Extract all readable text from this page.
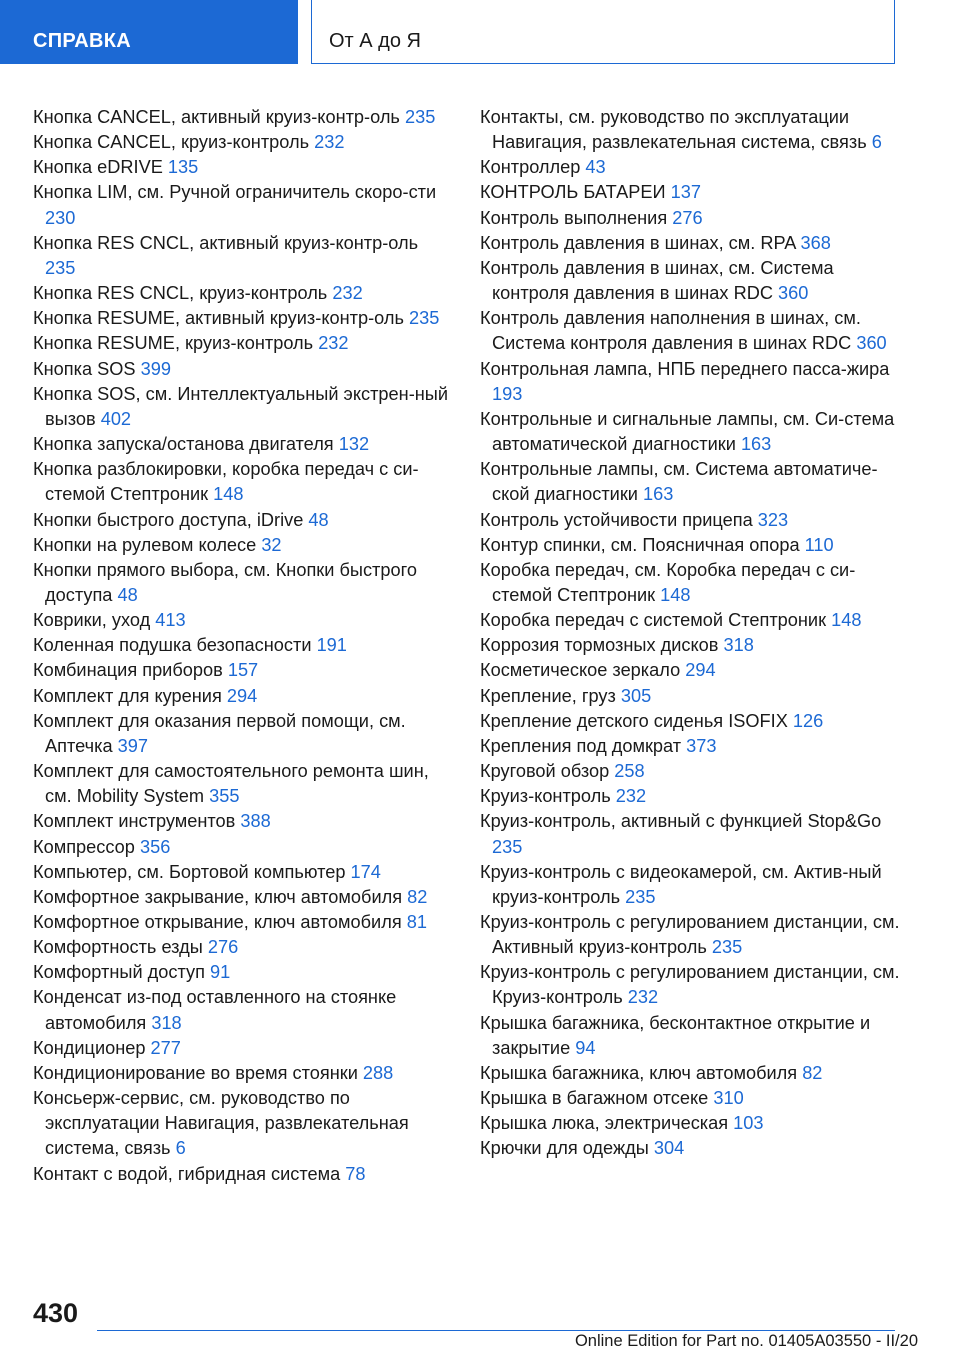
СПРАВКА	От А до Я
Кнопка CANCEL, активный круиз-контр-оль 235
Кнопка CANCEL, круиз-контроль 232
Кнопка eDRIVE 135
Кнопка LIM, см. Ручной ограничитель скоро-сти 230
Кнопка RES CNCL, активный круиз-контр-оль 235
Кнопка RES CNCL, круиз-контроль 232
Кнопка RESUME, активный круиз-контр-оль 235
Кнопка RESUME, круиз-контроль 232
Кнопка SOS 399
Кнопка SOS, см. Интеллектуальный экстрен-ный вызов 402
Кнопка запуска/останова двигателя 132
Кнопка разблокировки, коробка передач с си-стемой Стептроник 148
Кнопки быстрого доступа, iDrive 48
Кнопки на рулевом колесе 32
Кнопки прямого выбора, см. Кнопки быстрого доступа 48
Коврики, уход 413
Коленная подушка безопасности 191
Комбинация приборов 157
Комплект для курения 294
Комплект для оказания первой помощи, см. Аптечка 397
Комплект для самостоятельного ремонта шин, см. Mobility System 355
Комплект инструментов 388
Компрессор 356
Компьютер, см. Бортовой компьютер 174
Комфортное закрывание, ключ автомобиля 82
Комфортное открывание, ключ автомобиля 81
Комфортность езды 276
Комфортный доступ 91
Конденсат из-под оставленного на стоянке автомобиля 318
Кондиционер 277
Кондиционирование во время стоянки 288
Консьерж-сервис, см. руководство по эксплуатации Навигация, развлекательная система, связь 6
Контакт с водой, гибридная система 78
Контакты, см. руководство по эксплуатации Навигация, развлекательная система, связь 6
Контроллер 43
КОНТРОЛЬ БАТАРЕИ 137
Контроль выполнения 276
Контроль давления в шинах, см. RPA 368
Контроль давления в шинах, см. Система контроля давления в шинах RDC 360
Контроль давления наполнения в шинах, см. Система контроля давления в шинах RDC 360
Контрольная лампа, НПБ переднего пасса-жира 193
Контрольные и сигнальные лампы, см. Си-стема автоматической диагностики 163
Контрольные лампы, см. Система автоматиче-ской диагностики 163
Контроль устойчивости прицепа 323
Контур спинки, см. Поясничная опора 110
Коробка передач, см. Коробка передач с си-стемой Стептроник 148
Коробка передач с системой Стептроник 148
Коррозия тормозных дисков 318
Косметическое зеркало 294
Крепление, груз 305
Крепление детского сиденья ISOFIX 126
Крепления под домкрат 373
Круговой обзор 258
Круиз-контроль 232
Круиз-контроль, активный с функцией Stop&Go 235
Круиз-контроль с видеокамерой, см. Актив-ный круиз-контроль 235
Круиз-контроль с регулированием дистанции, см. Активный круиз-контроль 235
Круиз-контроль с регулированием дистанции, см. Круиз-контроль 232
Крышка багажника, бесконтактное открытие и закрытие 94
Крышка багажника, ключ автомобиля 82
Крышка в багажном отсеке 310
Крышка люка, электрическая 103
Крючки для одежды 304
430
Online Edition for Part no. 01405A03550 - II/20
